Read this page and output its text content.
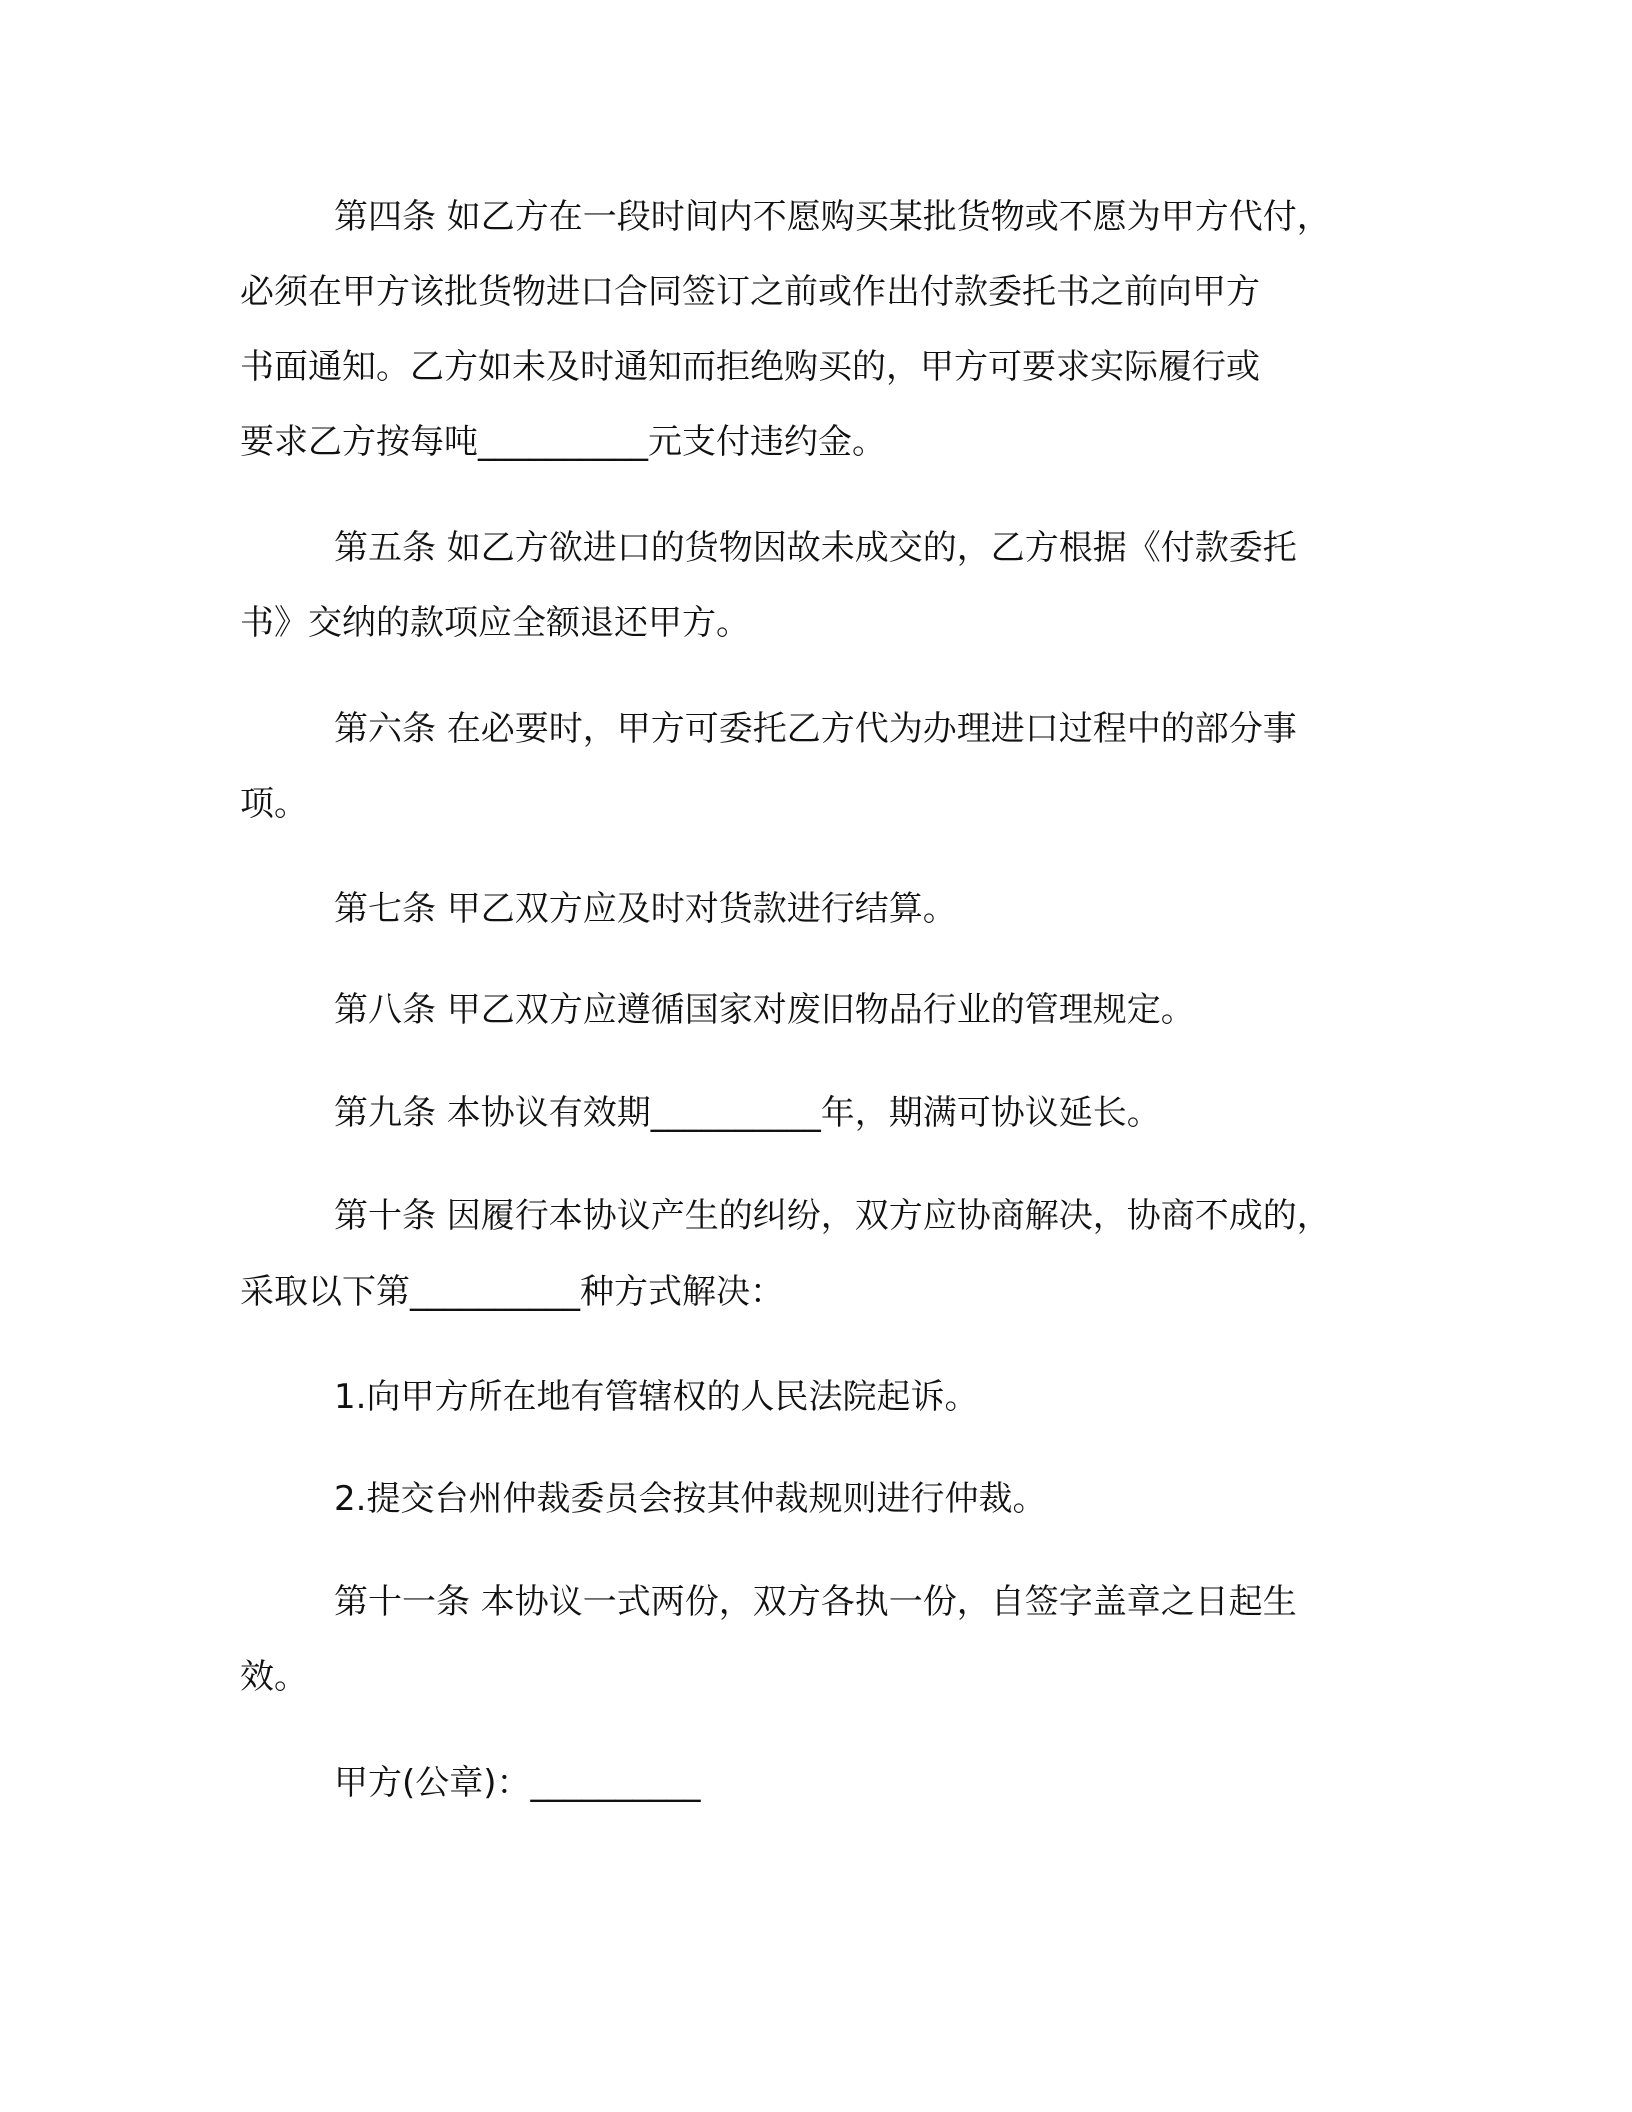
第四条 如乙方在一段时间内不愿购买某批货物或不愿为甲方代付，

必须在甲方该批货物进口合同签订之前或作出付款委托书之前向甲方

书面通知。乙方如未及时通知而拒绝购买的，甲方可要求实际履行或

要求乙方按每吨__________元支付违约金。

第五条 如乙方欲进口的货物因故未成交的，乙方根据《付款委托

书》交纳的款项应全额退还甲方。

第六条 在必要时，甲方可委托乙方代为办理进口过程中的部分事

项。

第七条 甲乙双方应及时对货款进行结算。

第八条 甲乙双方应遵循国家对废旧物品行业的管理规定。

第九条 本协议有效期__________年，期满可协议延长。

第十条 因履行本协议产生的纠纷，双方应协商解决，协商不成的，

采取以下第__________种方式解决：

1.向甲方所在地有管辖权的人民法院起诉。

2.提交台州仲裁委员会按其仲裁规则进行仲裁。

第十一条 本协议一式两份，双方各执一份，自签字盖章之日起生

效。

甲方(公章)：__________
